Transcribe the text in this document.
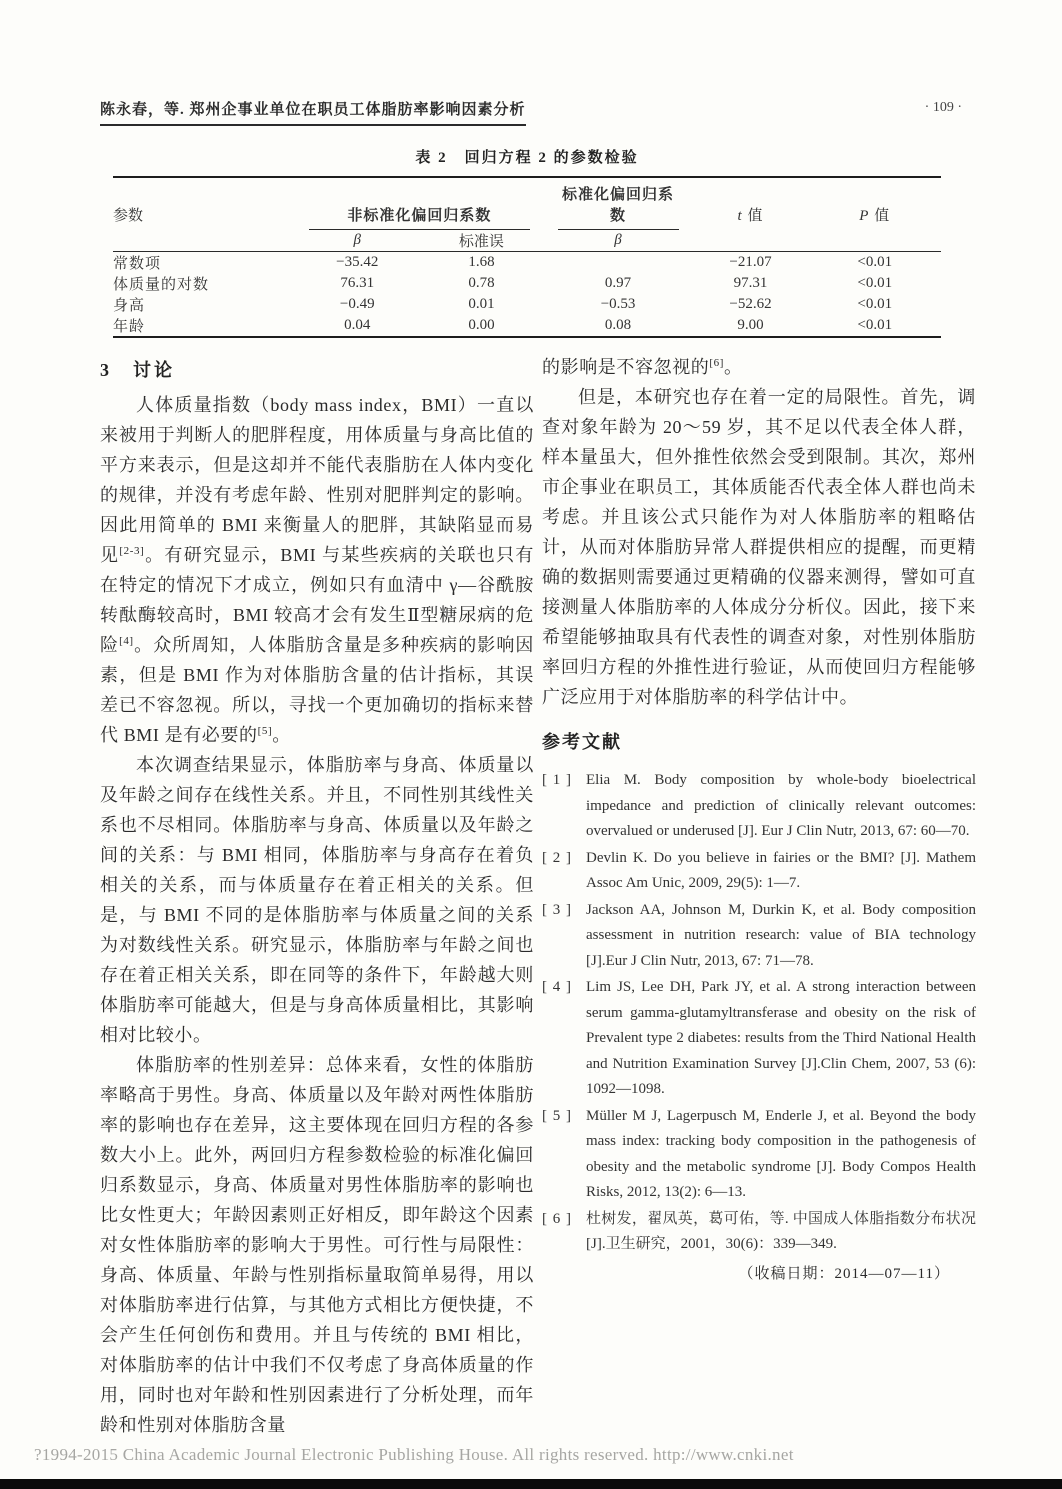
陈永春，等. 郑州企事业单位在职员工体脂肪率影响因素分析	· 109 ·
表 2　回归方程 2 的参数检验
参数	非标准化偏回归系数		标准化偏回归系数	t 值	P 值
	β	标准误	β		
常数项	−35.42	1.68		−21.07	<0.01
体质量的对数	76.31	0.78	0.97	97.31	<0.01
身高	−0.49	0.01	−0.53	−52.62	<0.01
年龄	0.04	0.00	0.08	9.00	<0.01
3　讨论

人体质量指数（body mass index，BMI）一直以来被用于判断人的肥胖程度，用体质量与身高比值的平方来表示，但是这却并不能代表脂肪在人体内变化的规律，并没有考虑年龄、性别对肥胖判定的影响。因此用简单的 BMI 来衡量人的肥胖，其缺陷显而易见[2-3]。有研究显示，BMI 与某些疾病的关联也只有在特定的情况下才成立，例如只有血清中 γ—谷酰胺转酞酶较高时，BMI 较高才会有发生Ⅱ型糖尿病的危险[4]。众所周知，人体脂肪含量是多种疾病的影响因素，但是 BMI 作为对体脂肪含量的估计指标，其误差已不容忽视。所以，寻找一个更加确切的指标来替代 BMI 是有必要的[5]。

本次调查结果显示，体脂肪率与身高、体质量以及年龄之间存在线性关系。并且，不同性别其线性关系也不尽相同。体脂肪率与身高、体质量以及年龄之间的关系：与 BMI 相同，体脂肪率与身高存在着负相关的关系，而与体质量存在着正相关的关系。但是，与 BMI 不同的是体脂肪率与体质量之间的关系为对数线性关系。研究显示，体脂肪率与年龄之间也存在着正相关关系，即在同等的条件下，年龄越大则体脂肪率可能越大，但是与身高体质量相比，其影响相对比较小。

体脂肪率的性别差异：总体来看，女性的体脂肪率略高于男性。身高、体质量以及年龄对两性体脂肪率的影响也存在差异，这主要体现在回归方程的各参数大小上。此外，两回归方程参数检验的标准化偏回归系数显示，身高、体质量对男性体脂肪率的影响也比女性更大；年龄因素则正好相反，即年龄这个因素对女性体脂肪率的影响大于男性。可行性与局限性：身高、体质量、年龄与性别指标量取简单易得，用以对体脂肪率进行估算，与其他方式相比方便快捷，不会产生任何创伤和费用。并且与传统的 BMI 相比，对体脂肪率的估计中我们不仅考虑了身高体质量的作用，同时也对年龄和性别因素进行了分析处理，而年龄和性别对体脂肪含量

的影响是不容忽视的[6]。

但是，本研究也存在着一定的局限性。首先，调查对象年龄为 20～59 岁，其不足以代表全体人群，样本量虽大，但外推性依然会受到限制。其次，郑州市企事业在职员工，其体质能否代表全体人群也尚未考虑。并且该公式只能作为对人体脂肪率的粗略估计，从而对体脂肪异常人群提供相应的提醒，而更精确的数据则需要通过更精确的仪器来测得，譬如可直接测量人体脂肪率的人体成分分析仪。因此，接下来希望能够抽取具有代表性的调查对象，对性别体脂肪率回归方程的外推性进行验证，从而使回归方程能够广泛应用于对体脂肪率的科学估计中。

参考文献
[ 1 ] Elia M. Body composition by whole-body bioelectrical impedance and prediction of clinically relevant outcomes: overvalued or underused [J]. Eur J Clin Nutr, 2013, 67: 60—70.
[ 2 ] Devlin K. Do you believe in fairies or the BMI? [J]. Mathem Assoc Am Unic, 2009, 29(5): 1—7.
[ 3 ] Jackson AA, Johnson M, Durkin K, et al. Body composition assessment in nutrition research: value of BIA technology [J].Eur J Clin Nutr, 2013, 67: 71—78.
[ 4 ] Lim JS, Lee DH, Park JY, et al. A strong interaction between serum gamma-glutamyltransferase and obesity on the risk of Prevalent type 2 diabetes: results from the Third National Health and Nutrition Examination Survey [J].Clin Chem, 2007, 53 (6): 1092—1098.
[ 5 ] Müller M J, Lagerpusch M, Enderle J, et al. Beyond the body mass index: tracking body composition in the pathogenesis of obesity and the metabolic syndrome [J]. Body Compos Health Risks, 2012, 13(2): 6—13.
[ 6 ] 杜树发，翟凤英，葛可佑，等. 中国成人体脂指数分布状况[J].卫生研究，2001，30(6)：339—349.
（收稿日期：2014—07—11）
?1994-2015 China Academic Journal Electronic Publishing House. All rights reserved. http://www.cnki.net
